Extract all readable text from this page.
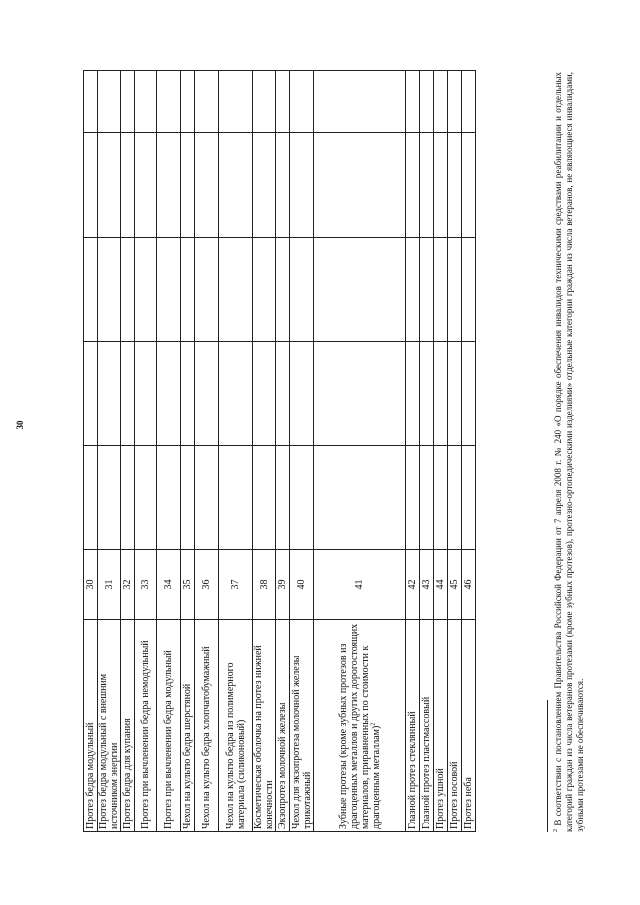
30
Протез бедра модульный	30					
Протез бедра модульный с внешним источником энергии	31					
Протез бедра для купания	32					
Протез при вычленении бедра немодульный	33					
Протез при вычленении бедра модульный	34					
Чехол на культю бедра шерстяной	35					
Чехол на культю бедра хлопчатобумажный	36					
Чехол на культю бедра из полимерного материала (силиконовый)	37					
Косметическая оболочка на протез нижней конечности	38					
Экзопротез молочной железы	39					
Чехол для экзопротеза молочной железы трикотажный	40					
Зубные протезы (кроме зубных протезов из драгоценных металлов и других дорогостоящих материалов, приравненных по стоимости к драгоценным металлам)$^2$	41					
Глазной протез стеклянный	42					
Глазной протез пластмассовый	43					
Протез ушной	44					
Протез носовой	45					
Протез неба	46					
$^2$ В соответствии с постановлением Правительства Российской Федерации от 7 апреля 2008 г. № 240 «О порядке обеспечения инвалидов техническими средствами реабилитации и отдельных категорий граждан из числа ветеранов протезами (кроме зубных протезов), протезно-ортопедическими изделиями» отдельные категории граждан из числа ветеранов, не являющиеся инвалидами, зубными протезами не обеспечиваются.
